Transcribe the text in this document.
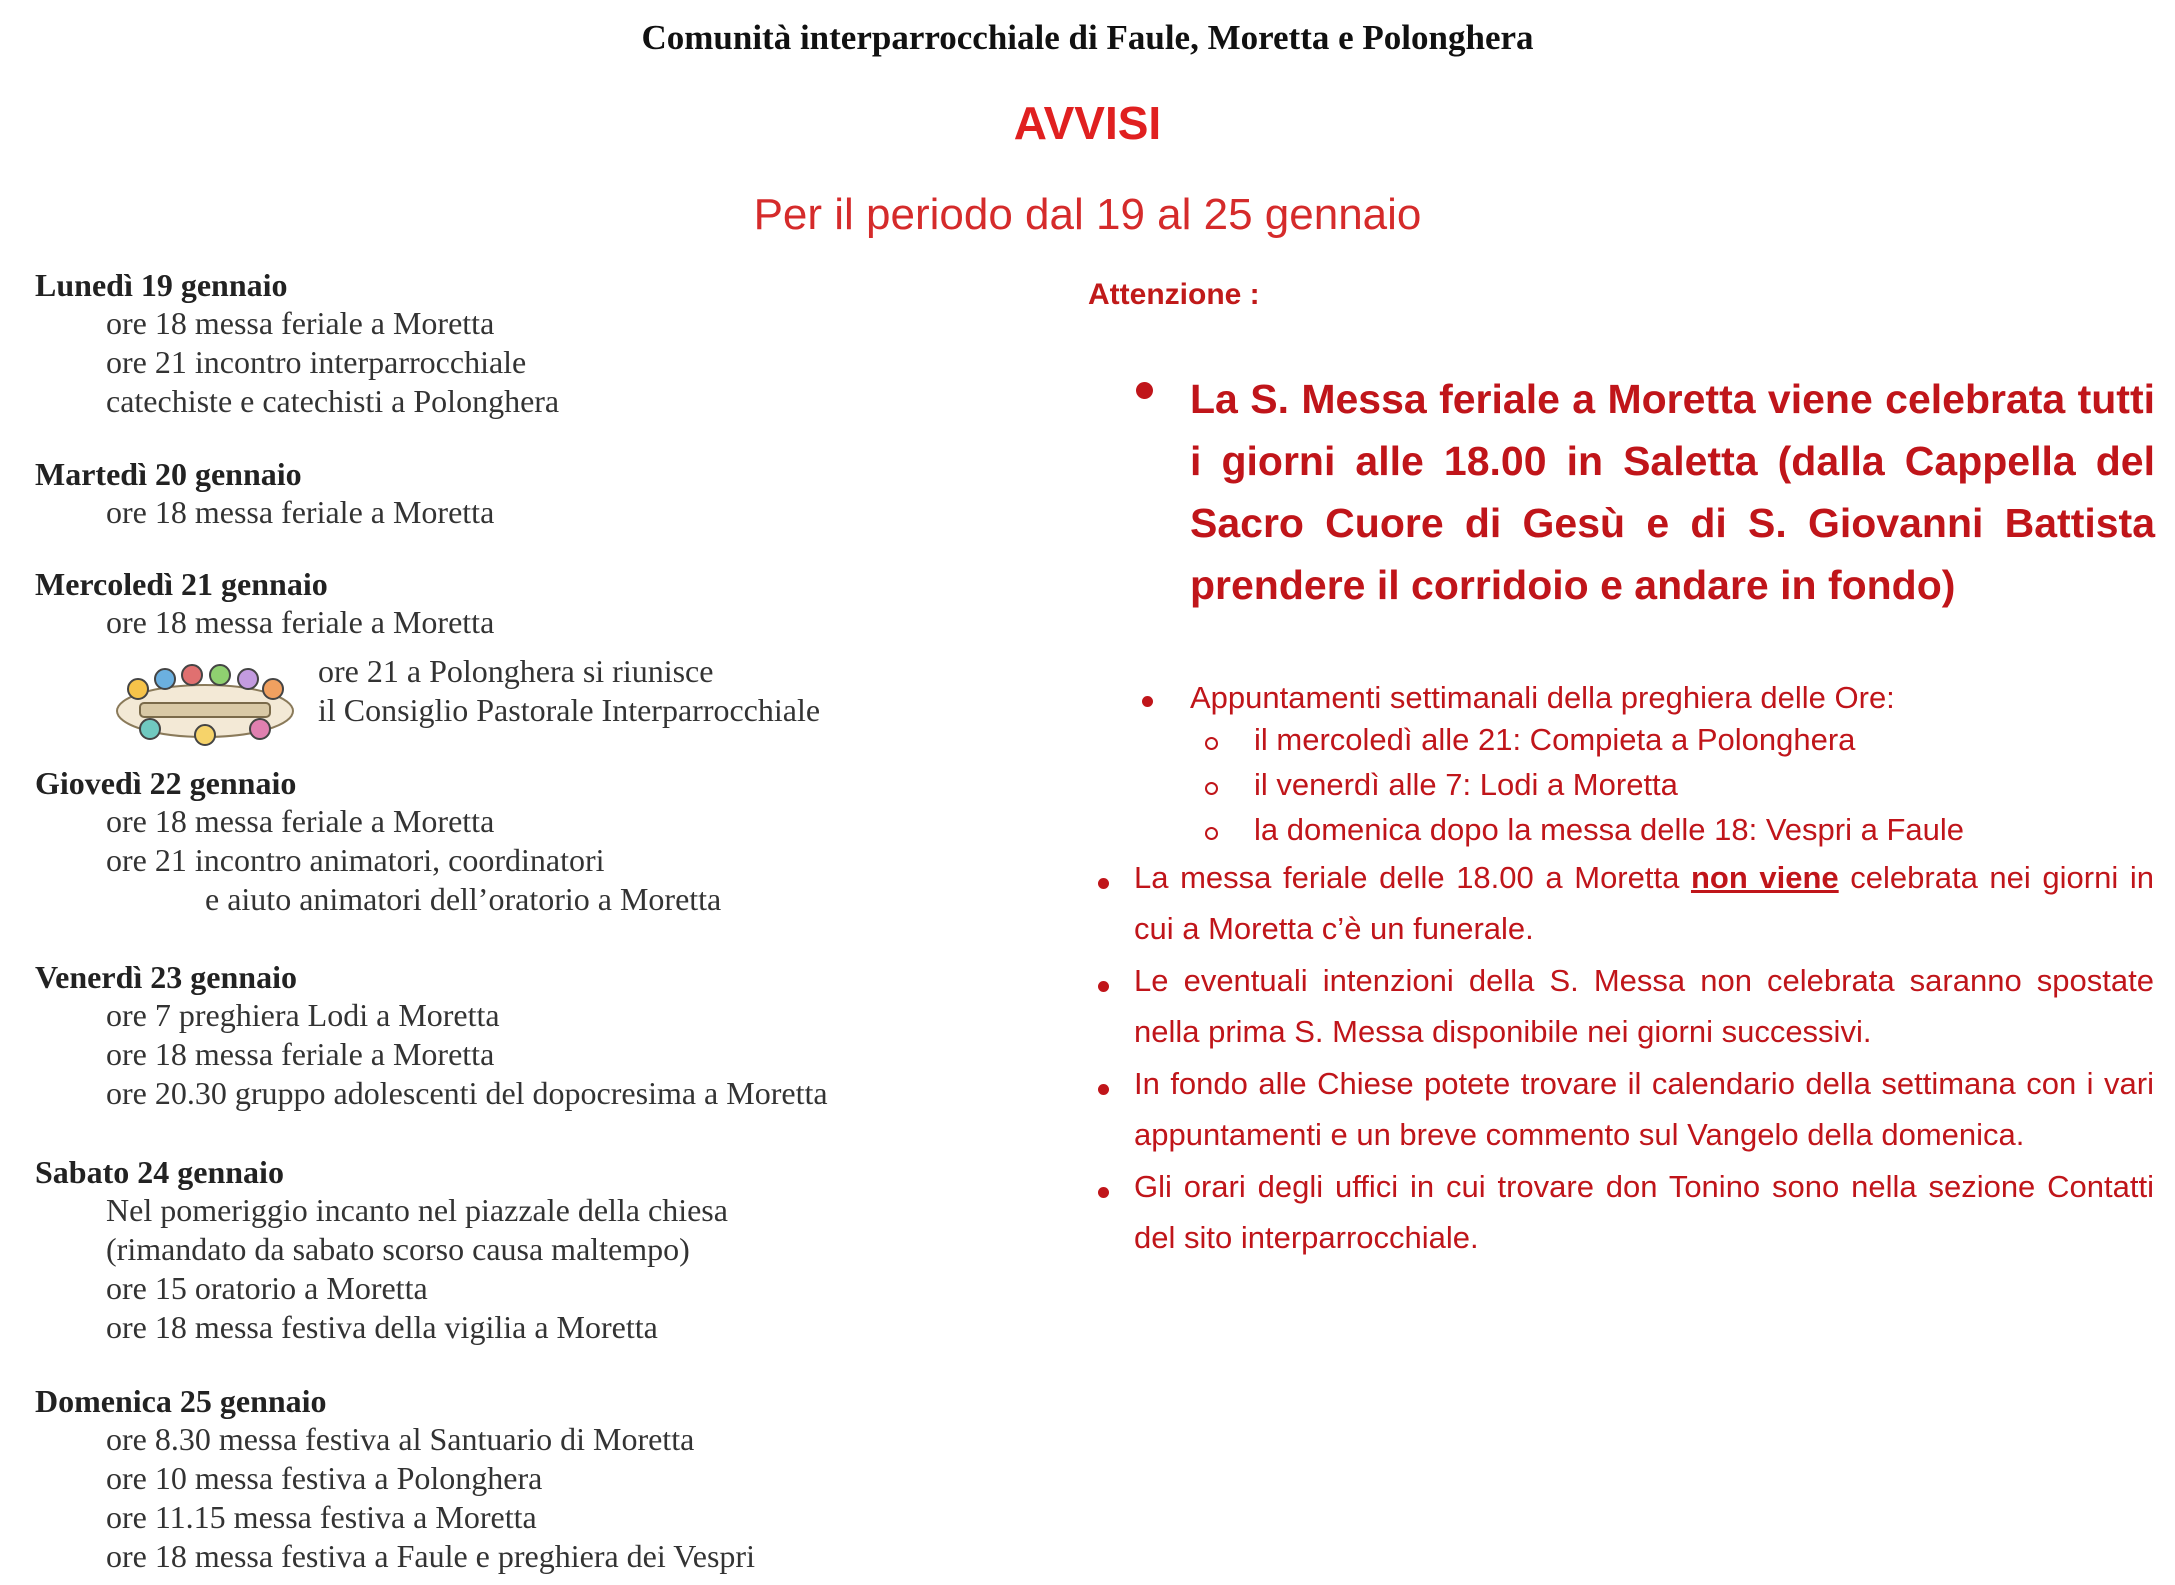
Comunità interparrocchiale di Faule, Moretta e Polonghera
AVVISI
Per il periodo dal 19 al 25 gennaio
Lunedì 19 gennaio
ore 18 messa feriale a Moretta
ore 21 incontro interparrocchiale
catechiste e catechisti a Polonghera
Martedì 20 gennaio
ore 18 messa feriale a Moretta
Mercoledì 21 gennaio
ore 18 messa feriale a Moretta
ore 21 a Polonghera si riunisce
il Consiglio Pastorale Interparrocchiale
Giovedì 22 gennaio
ore 18 messa feriale a Moretta
ore 21 incontro animatori, coordinatori
e aiuto animatori dell’oratorio a Moretta
Venerdì 23 gennaio
ore 7 preghiera Lodi a Moretta
ore 18 messa feriale a Moretta
ore 20.30 gruppo adolescenti del dopocresima a Moretta
Sabato 24 gennaio
Nel pomeriggio incanto nel piazzale della chiesa
(rimandato da sabato scorso causa maltempo)
ore 15 oratorio a Moretta
ore 18 messa festiva della vigilia a Moretta
Domenica 25 gennaio
ore 8.30 messa festiva al Santuario di Moretta
ore 10 messa festiva a Polonghera
ore 11.15 messa festiva a Moretta
ore 18 messa festiva a Faule e preghiera dei Vespri
Attenzione :
La S. Messa feriale a Moretta viene celebrata tutti i giorni alle 18.00 in Saletta (dalla Cappella del Sacro Cuore di Gesù e di S. Giovanni Battista prendere il corridoio e andare in fondo)
Appuntamenti settimanali della preghiera delle Ore:
il mercoledì alle 21: Compieta a Polonghera
il venerdì alle 7: Lodi a Moretta
la domenica dopo la messa delle 18: Vespri a Faule
La messa feriale delle 18.00 a Moretta non viene celebrata nei giorni in cui a Moretta c’è un funerale.
Le eventuali intenzioni della S. Messa non celebrata saranno spostate nella prima S. Messa disponibile nei giorni successivi.
In fondo alle Chiese potete trovare il calendario della settimana con i vari appuntamenti e un breve commento sul Vangelo della domenica.
Gli orari degli uffici in cui trovare don Tonino sono nella sezione Contatti del sito interparrocchiale.
